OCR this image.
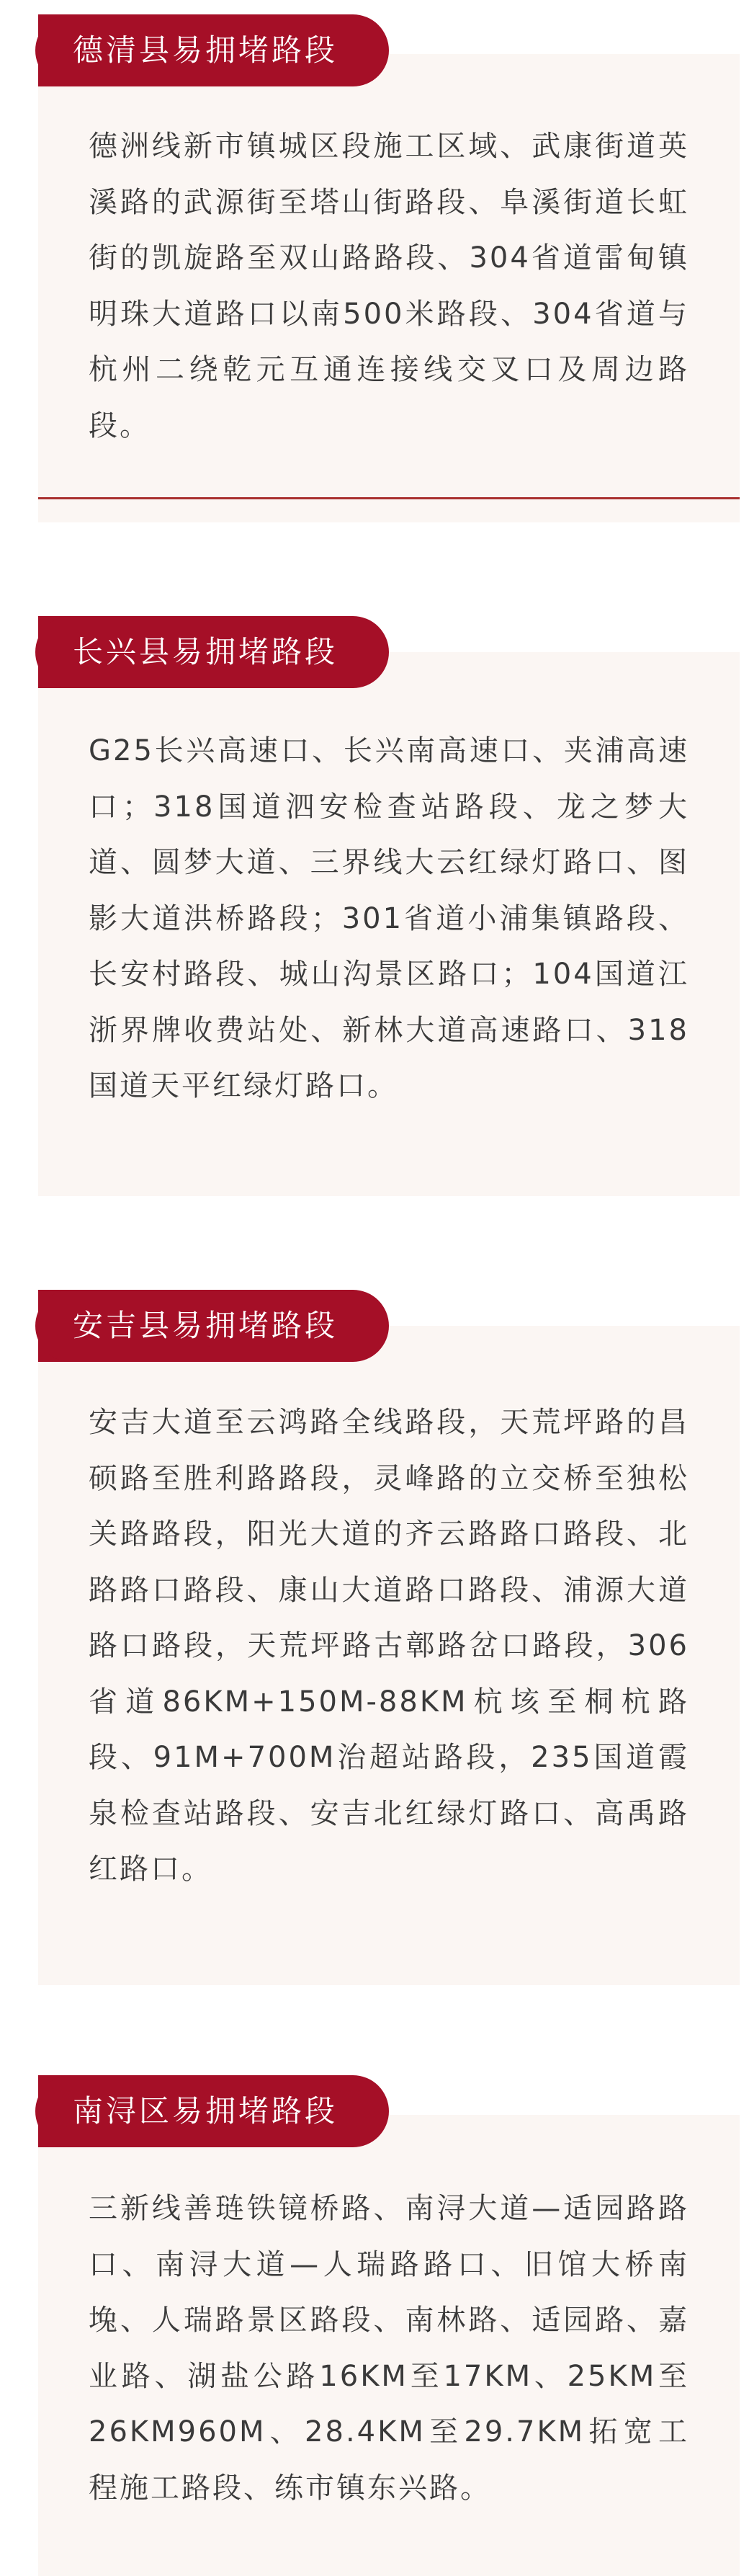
德清县易拥堵路段

德洲线新市镇城区段施工区域、武康街道英溪路的武源街至塔山街路段、阜溪街道长虹街的凯旋路至双山路路段、304省道雷甸镇明珠大道路口以南500米路段、304省道与杭州二绕乾元互通连接线交叉口及周边路段。

长兴县易拥堵路段

G25长兴高速口、长兴南高速口、夹浦高速口；318国道泗安检查站路段、龙之梦大道、圆梦大道、三界线大云红绿灯路口、图影大道洪桥路段；301省道小浦集镇路段、长安村路段、城山沟景区路口；104国道江浙界牌收费站处、新林大道高速路口、318国道天平红绿灯路口。

安吉县易拥堵路段

安吉大道至云鸿路全线路段，天荒坪路的昌硕路至胜利路路段，灵峰路的立交桥至独松关路路段，阳光大道的齐云路路口路段、北路路口路段、康山大道路口路段、浦源大道路口路段，天荒坪路古鄣路岔口路段，306省道86KM+150M-88KM杭垓至桐杭路段、91M+700M治超站路段，235国道霞泉检查站路段、安吉北红绿灯路口、高禹路红路口。

南浔区易拥堵路段

三新线善琏铁镜桥路、南浔大道—适园路路口、南浔大道—人瑞路路口、旧馆大桥南堍、人瑞路景区路段、南林路、适园路、嘉业路、湖盐公路16KM至17KM、25KM至26KM960M、28.4KM至29.7KM拓宽工程施工路段、练市镇东兴路。
